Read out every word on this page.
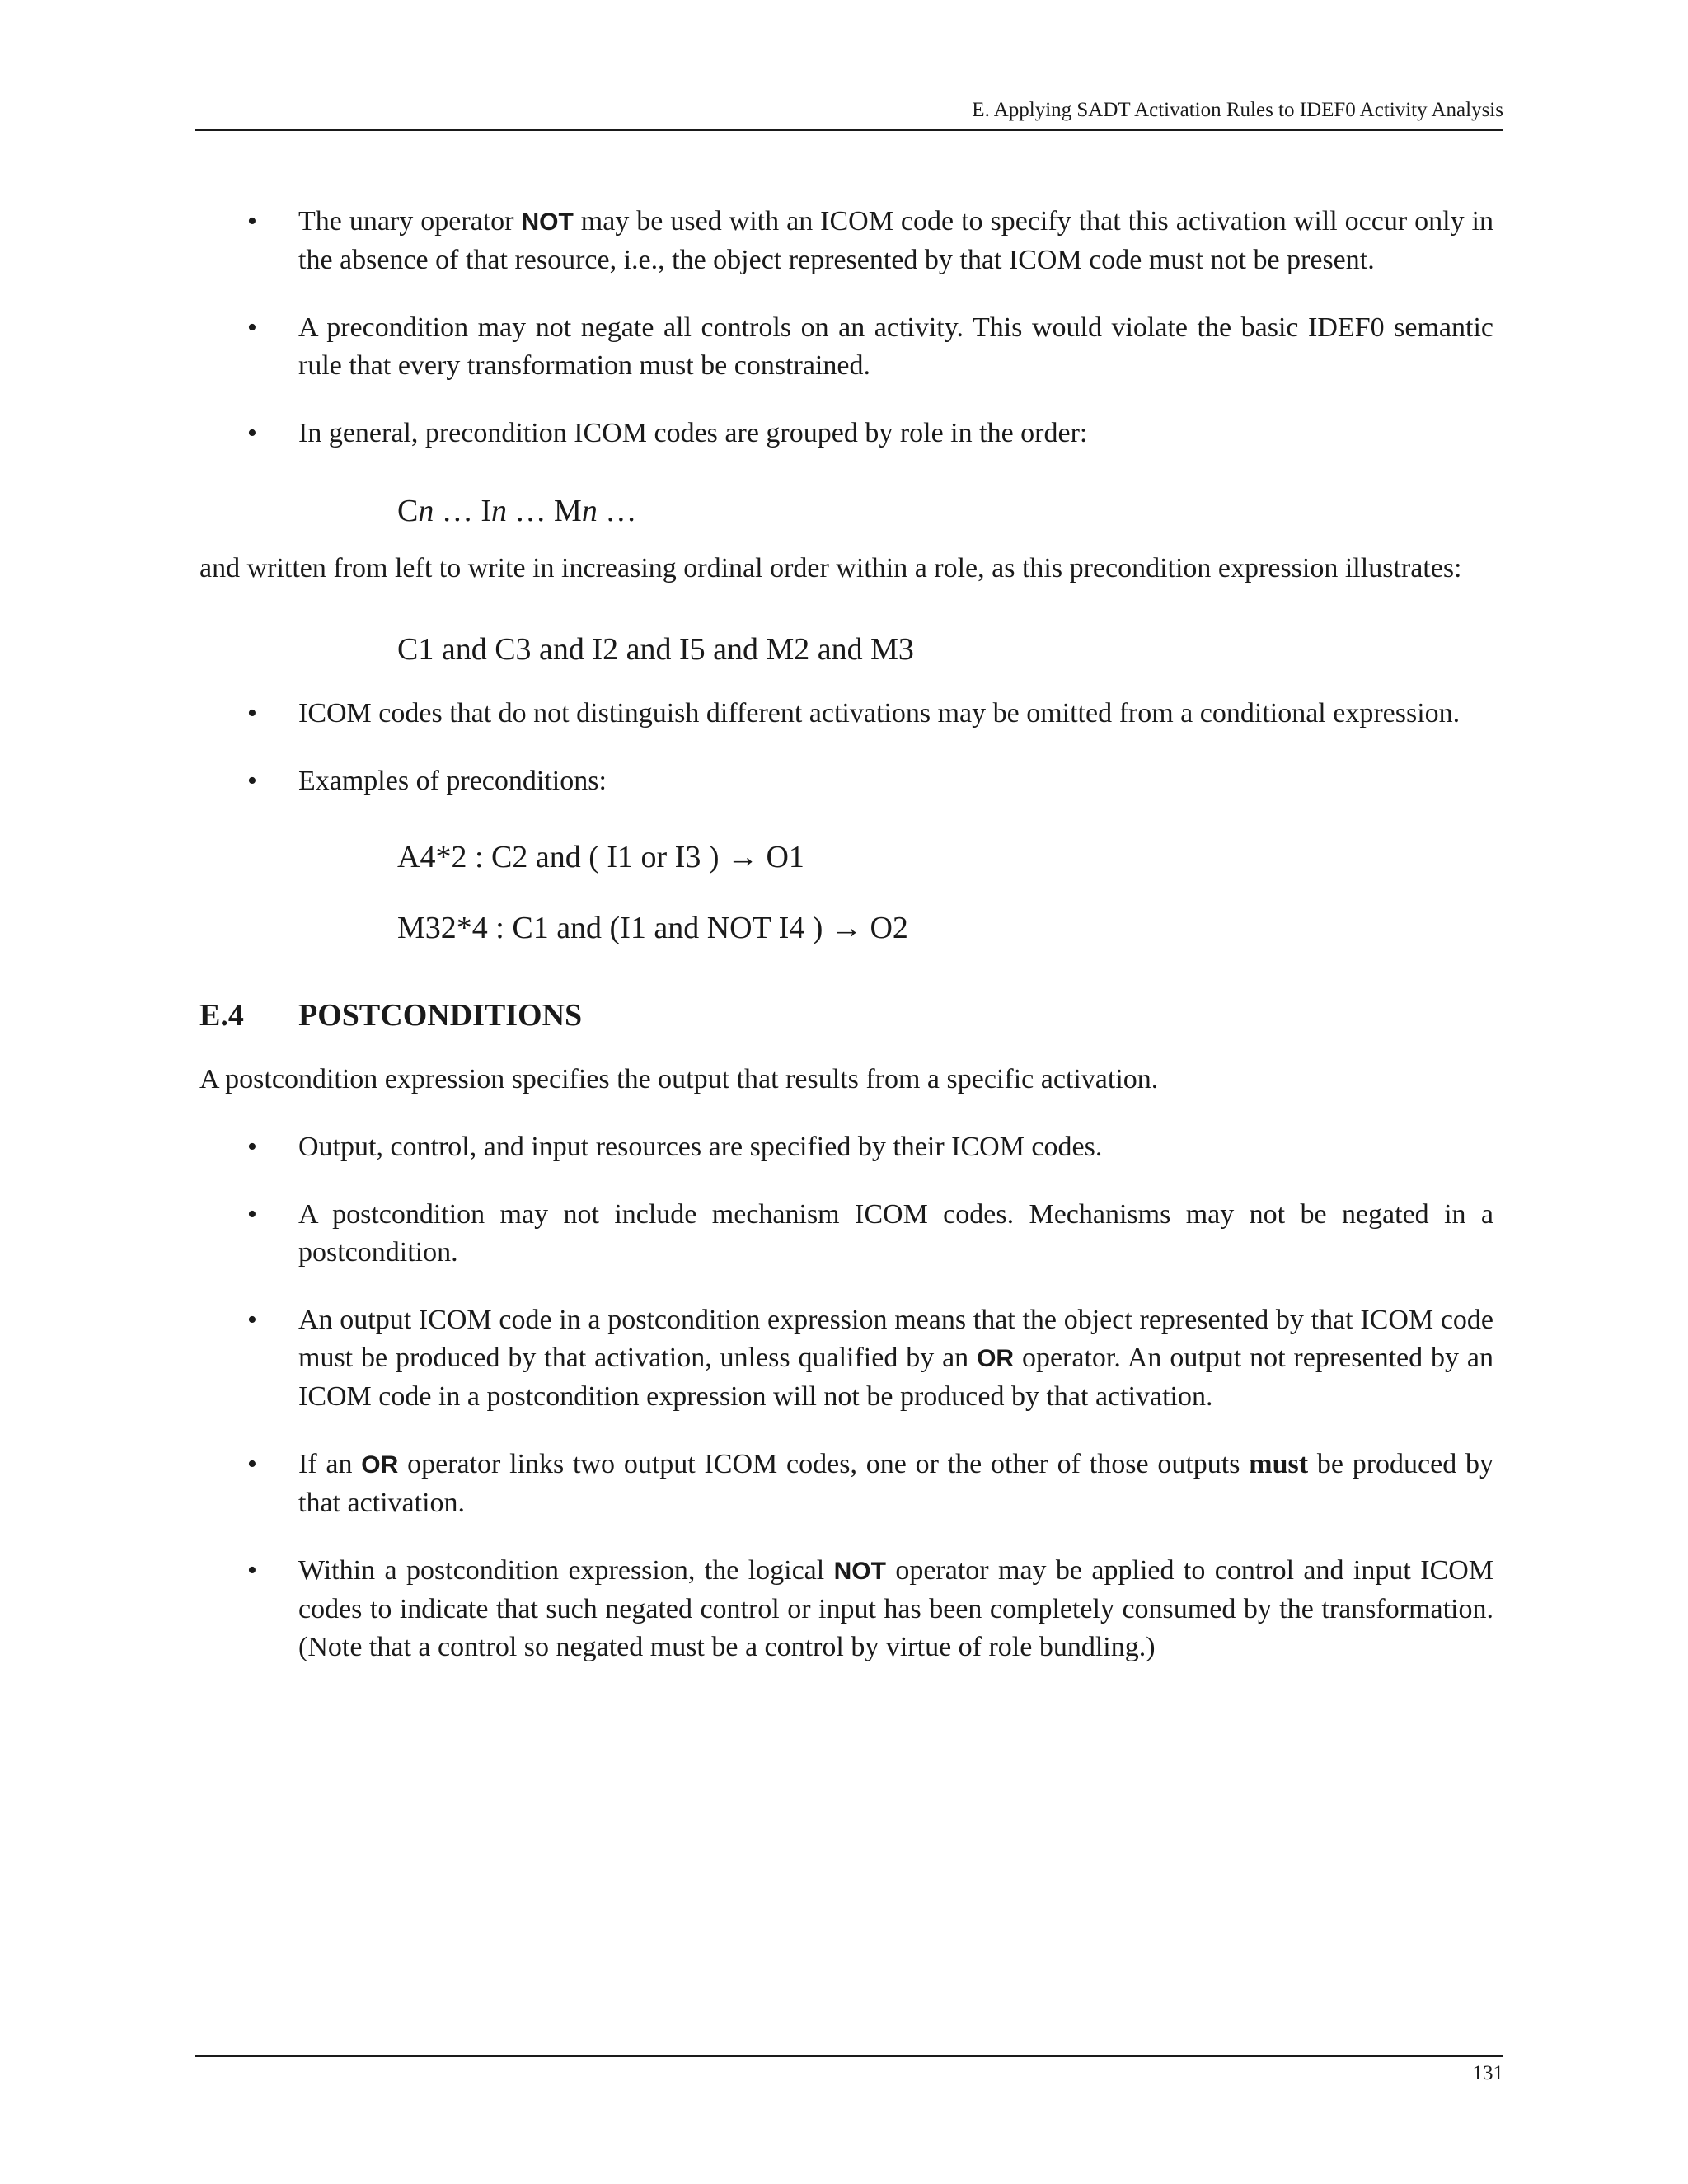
E. Applying SADT Activation Rules to IDEF0 Activity Analysis

•	The unary operator NOT may be used with an ICOM code to specify that this activation will occur only in the absence of that resource, i.e., the object represented by that ICOM code must not be present.

•	A precondition may not negate all controls on an activity. This would violate the basic IDEF0 semantic rule that every transformation must be constrained.

•	In general, precondition ICOM codes are grouped by role in the order:

Cn … In … Mn …

and written from left to write in increasing ordinal order within a role, as this precondition expression illustrates:

C1 and C3 and I2 and I5 and M2 and M3

•	ICOM codes that do not distinguish different activations may be omitted from a conditional expression.

•	Examples of preconditions:

A4*2 : C2 and ( I1 or I3 ) → O1

M32*4 : C1 and (I1 and NOT I4 ) → O2

E.4 POSTCONDITIONS

A postcondition expression specifies the output that results from a specific activation.

•	Output, control, and input resources are specified by their ICOM codes.

•	A postcondition may not include mechanism ICOM codes. Mechanisms may not be negated in a postcondition.

•	An output ICOM code in a postcondition expression means that the object represented by that ICOM code must be produced by that activation, unless qualified by an OR operator. An output not represented by an ICOM code in a postcondition expression will not be produced by that activation.

•	If an OR operator links two output ICOM codes, one or the other of those outputs must be produced by that activation.

•	Within a postcondition expression, the logical NOT operator may be applied to control and input ICOM codes to indicate that such negated control or input has been completely consumed by the transformation. (Note that a control so negated must be a control by virtue of role bundling.)

131
